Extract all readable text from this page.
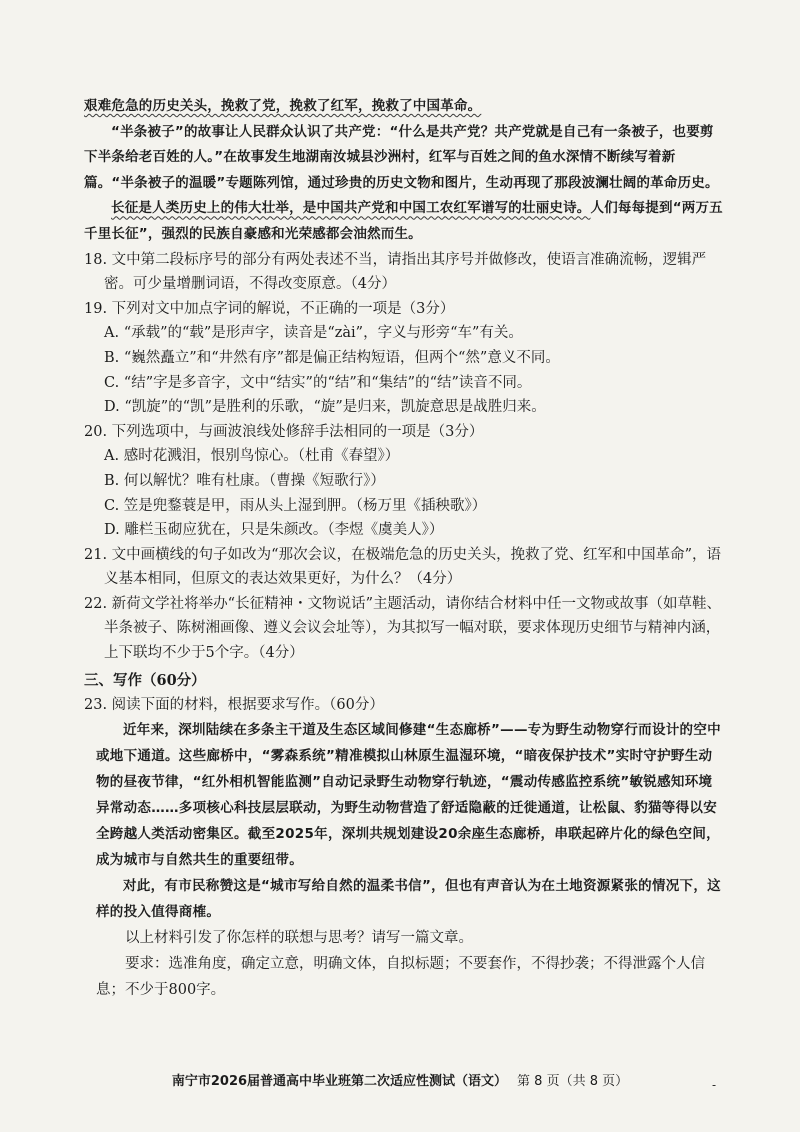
艰难危急的历史关头，挽救了党，挽救了红军，挽救了中国革命。

“半条被子”的故事让人民群众认识了共产党：“什么是共产党？共产党就是自己有一条被子，也要剪下半条给老百姓的人。”在故事发生地湖南汝城县沙洲村，红军与百姓之间的鱼水深情不断续写着新篇。“半条被子的温暖”专题陈列馆，通过珍贵的历史文物和图片，生动再现了那段波澜壮阔的革命历史。

长征是人类历史上的伟大壮举，是中国共产党和中国工农红军谱写的壮丽史诗。人们每每提到“两万五千里长征”，强烈的民族自豪感和光荣感都会油然而生。

18. 文中第二段标序号的部分有两处表述不当，请指出其序号并做修改，使语言准确流畅，逻辑严密。可少量增删词语，不得改变原意。（4分）

19. 下列对文中加点字词的解说，不正确的一项是（3分）

A. “承载”的“载”是形声字，读音是“zài”，字义与形旁“车”有关。

B. “巍然矗立”和“井然有序”都是偏正结构短语，但两个“然”意义不同。

C. “结”字是多音字，文中“结实”的“结”和“集结”的“结”读音不同。

D. “凯旋”的“凯”是胜利的乐歌，“旋”是归来，凯旋意思是战胜归来。

20. 下列选项中，与画波浪线处修辞手法相同的一项是（3分）

A. 感时花溅泪，恨别鸟惊心。（杜甫《春望》）

B. 何以解忧？唯有杜康。（曹操《短歌行》）

C. 笠是兜鍪蓑是甲，雨从头上湿到胛。（杨万里《插秧歌》）

D. 雕栏玉砌应犹在，只是朱颜改。（李煜《虞美人》）

21. 文中画横线的句子如改为“那次会议，在极端危急的历史关头，挽救了党、红军和中国革命”，语义基本相同，但原文的表达效果更好，为什么？（4分）

22. 新荷文学社将举办“长征精神・文物说话”主题活动，请你结合材料中任一文物或故事（如草鞋、半条被子、陈树湘画像、遵义会议会址等），为其拟写一幅对联，要求体现历史细节与精神内涵，上下联均不少于5个字。（4分）

三、写作（60分）

23. 阅读下面的材料，根据要求写作。（60分）

近年来，深圳陆续在多条主干道及生态区域间修建“生态廊桥”——专为野生动物穿行而设计的空中或地下通道。这些廊桥中，“雾森系统”精准模拟山林原生温湿环境，“暗夜保护技术”实时守护野生动物的昼夜节律，“红外相机智能监测”自动记录野生动物穿行轨迹，“震动传感监控系统”敏锐感知环境异常动态……多项核心科技层层联动，为野生动物营造了舒适隐蔽的迁徙通道，让松鼠、豹猫等得以安全跨越人类活动密集区。截至2025年，深圳共规划建设20余座生态廊桥，串联起碎片化的绿色空间，成为城市与自然共生的重要纽带。

对此，有市民称赞这是“城市写给自然的温柔书信”，但也有声音认为在土地资源紧张的情况下，这样的投入值得商榷。

以上材料引发了你怎样的联想与思考？请写一篇文章。

要求：选准角度，确定立意，明确文体，自拟标题；不要套作，不得抄袭；不得泄露个人信息；不少于800字。

南宁市2026届普通高中毕业班第二次适应性测试（语文） 第 8 页（共 8 页）	-
